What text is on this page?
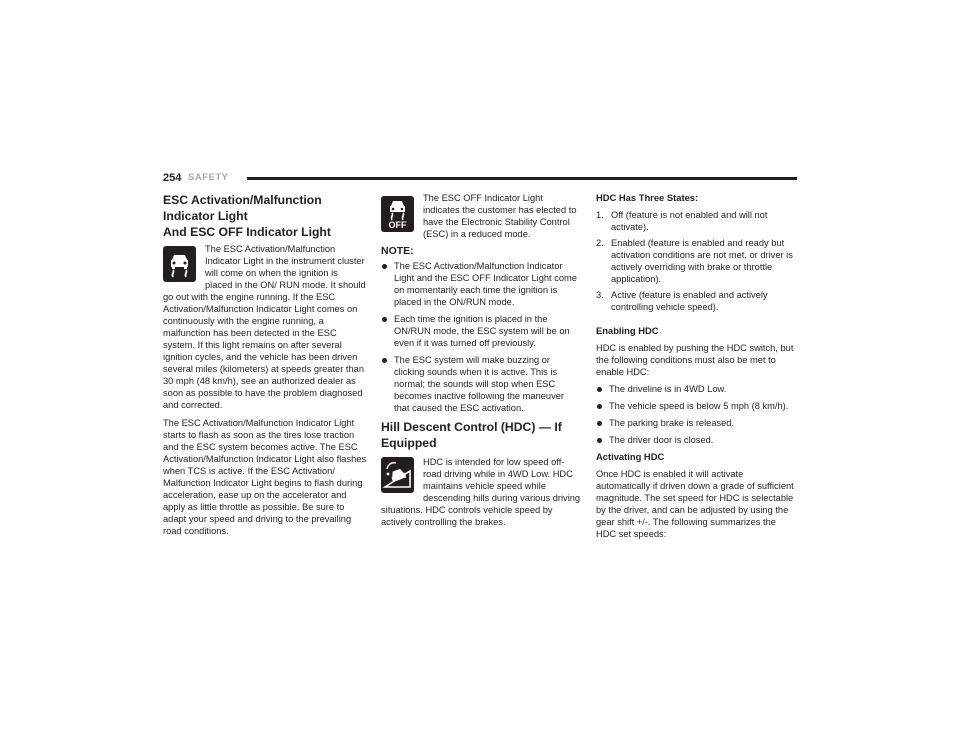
254 SAFETY
ESC Activation/Malfunction Indicator Light
And ESC OFF Indicator Light

The ESC Activation/Malfunction Indicator Light in the instrument cluster will come on when the ignition is placed in the ON/ RUN mode. It should go out with the engine running. If the ESC Activation/Malfunction Indicator Light comes on continuously with the engine running, a malfunction has been detected in the ESC system. If this light remains on after several ignition cycles, and the vehicle has been driven several miles (kilometers) at speeds greater than 30 mph (48 km/h), see an authorized dealer as soon as possible to have the problem diagnosed and corrected.

The ESC Activation/Malfunction Indicator Light starts to flash as soon as the tires lose traction and the ESC system becomes active. The ESC Activation/Malfunction Indicator Light also flashes when TCS is active. If the ESC Activation/ Malfunction Indicator Light begins to flash during acceleration, ease up on the accelerator and apply as little throttle as possible. Be sure to adapt your speed and driving to the prevailing road conditions.

OFF

The ESC OFF Indicator Light indicates the customer has elected to have the Electronic Stability Control (ESC) in a reduced mode.

NOTE:
The ESC Activation/Malfunction Indicator Light and the ESC OFF Indicator Light come on momentarily each time the ignition is placed in the ON/RUN mode.
Each time the ignition is placed in the ON/RUN mode, the ESC system will be on even if it was turned off previously.
The ESC system will make buzzing or clicking sounds when it is active. This is normal; the sounds will stop when ESC becomes inactive following the maneuver that caused the ESC activation.
Hill Descent Control (HDC) — If Equipped

HDC is intended for low speed off-road driving while in 4WD Low. HDC maintains vehicle speed while descending hills during various driving situations. HDC controls vehicle speed by actively controlling the brakes.

HDC Has Three States:
1. Off (feature is not enabled and will not activate).
2. Enabled (feature is enabled and ready but activation conditions are not met, or driver is actively overriding with brake or throttle application).
3. Active (feature is enabled and actively controlling vehicle speed).
Enabling HDC

HDC is enabled by pushing the HDC switch, but the following conditions must also be met to enable HDC:

The driveline is in 4WD Low.
The vehicle speed is below 5 mph (8 km/h).
The parking brake is released.
The driver door is closed.
Activating HDC

Once HDC is enabled it will activate automatically if driven down a grade of sufficient magnitude. The set speed for HDC is selectable by the driver, and can be adjusted by using the gear shift +/-. The following summarizes the HDC set speeds:
